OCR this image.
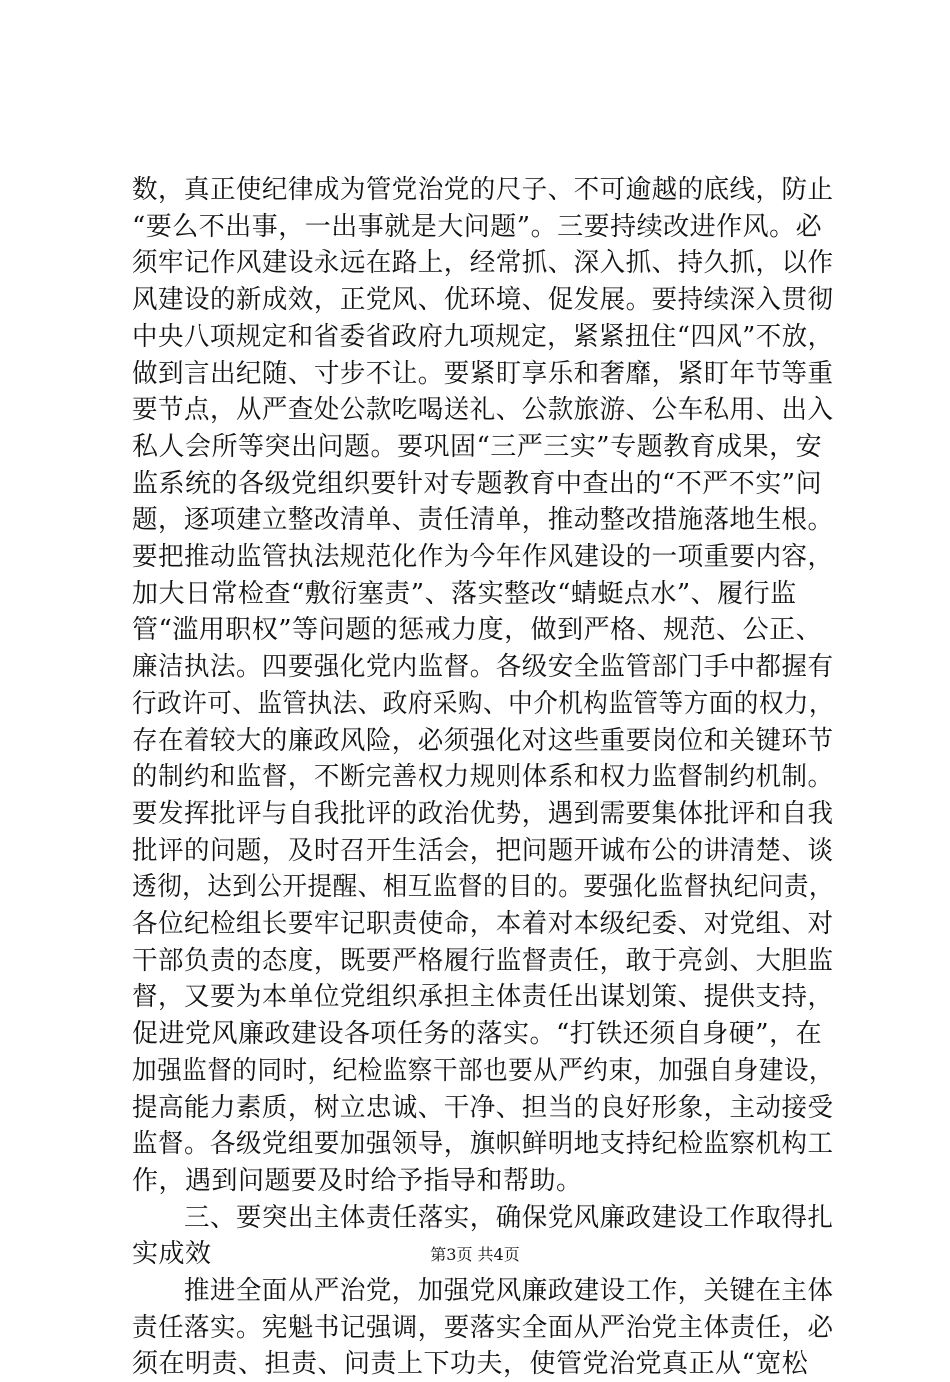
数，真正使纪律成为管党治党的尺子、不可逾越的底线，防止
“要么不出事，一出事就是大问题”。三要持续改进作风。必
须牢记作风建设永远在路上，经常抓、深入抓、持久抓，以作
风建设的新成效，正党风、优环境、促发展。要持续深入贯彻
中央八项规定和省委省政府九项规定，紧紧扭住“四风”不放，
做到言出纪随、寸步不让。要紧盯享乐和奢靡，紧盯年节等重
要节点，从严查处公款吃喝送礼、公款旅游、公车私用、出入
私人会所等突出问题。要巩固“三严三实”专题教育成果，安
监系统的各级党组织要针对专题教育中查出的“不严不实”问
题，逐项建立整改清单、责任清单，推动整改措施落地生根。
要把推动监管执法规范化作为今年作风建设的一项重要内容，
加大日常检查“敷衍塞责”、落实整改“蜻蜓点水”、履行监
管“滥用职权”等问题的惩戒力度，做到严格、规范、公正、
廉洁执法。四要强化党内监督。各级安全监管部门手中都握有
行政许可、监管执法、政府采购、中介机构监管等方面的权力，
存在着较大的廉政风险，必须强化对这些重要岗位和关键环节
的制约和监督，不断完善权力规则体系和权力监督制约机制。
要发挥批评与自我批评的政治优势，遇到需要集体批评和自我
批评的问题，及时召开生活会，把问题开诚布公的讲清楚、谈
透彻，达到公开提醒、相互监督的目的。要强化监督执纪问责，
各位纪检组长要牢记职责使命，本着对本级纪委、对党组、对
干部负责的态度，既要严格履行监督责任，敢于亮剑、大胆监
督，又要为本单位党组织承担主体责任出谋划策、提供支持，
促进党风廉政建设各项任务的落实。“打铁还须自身硬”，在
加强监督的同时，纪检监察干部也要从严约束，加强自身建设，
提高能力素质，树立忠诚、干净、担当的良好形象，主动接受
监督。各级党组要加强领导，旗帜鲜明地支持纪检监察机构工
作，遇到问题要及时给予指导和帮助。
　　三、要突出主体责任落实，确保党风廉政建设工作取得扎
实成效
　　推进全面从严治党，加强党风廉政建设工作，关键在主体
责任落实。宪魁书记强调，要落实全面从严治党主体责任，必
须在明责、担责、问责上下功夫，使管党治党真正从“宽松
第3页 共4页
